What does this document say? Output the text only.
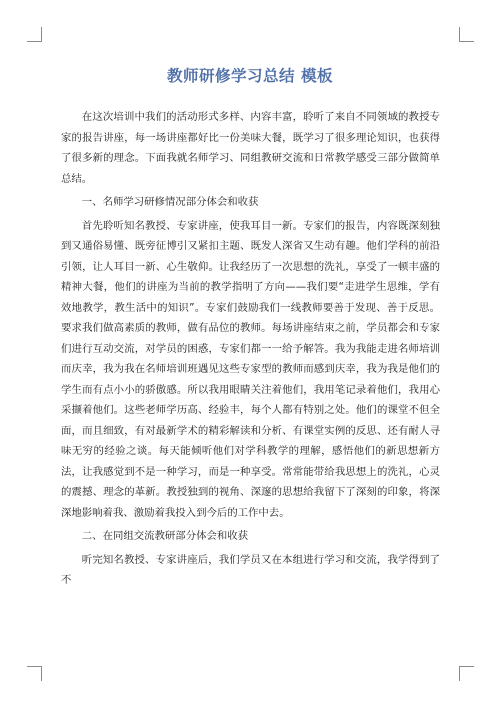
教师研修学习总结 模板

在这次培训中我们的活动形式多样、内容丰富，聆听了来自不同领域的教授专家的报告讲座，每一场讲座都好比一份美味大餐，既学习了很多理论知识，也获得了很多新的理念。下面我就名师学习、同组教研交流和日常教学感受三部分做简单总结。

一、名师学习研修情况部分体会和收获

首先聆听知名教授、专家讲座，使我耳目一新。专家们的报告，内容既深刻独到又通俗易懂、既旁征博引又紧扣主题、既发人深省又生动有趣。他们学科的前沿引领，让人耳目一新、心生敬仰。让我经历了一次思想的洗礼，享受了一顿丰盛的精神大餐，他们的讲座为当前的教学指明了方向——我们要“走进学生思维，学有效地教学，教生活中的知识”。专家们鼓励我们一线教师要善于发现、善于反思。要求我们做高素质的教师，做有品位的教师。每场讲座结束之前，学员都会和专家们进行互动交流，对学员的困惑，专家们都一一给予解答。我为我能走进名师培训而庆幸，我为我在名师培训班遇见这些专家型的教师而感到庆幸，我为我是他们的学生而有点小小的骄傲感。所以我用眼睛关注着他们，我用笔记录着他们，我用心采撷着他们。这些老师学历高、经验丰，每个人都有特别之处。他们的课堂不但全面，而且细致，有对最新学术的精彩解读和分析、有课堂实例的反思、还有耐人寻味无穷的经验之谈。每天能倾听他们对学科教学的理解，感悟他们的新思想新方法，让我感觉到不是一种学习，而是一种享受。常常能带给我思想上的洗礼，心灵的震撼、理念的革新。教授独到的视角、深邃的思想给我留下了深刻的印象，将深深地影响着我、激励着我投入到今后的工作中去。

二、在同组交流教研部分体会和收获

听完知名教授、专家讲座后，我们学员又在本组进行学习和交流，我学得到了不
